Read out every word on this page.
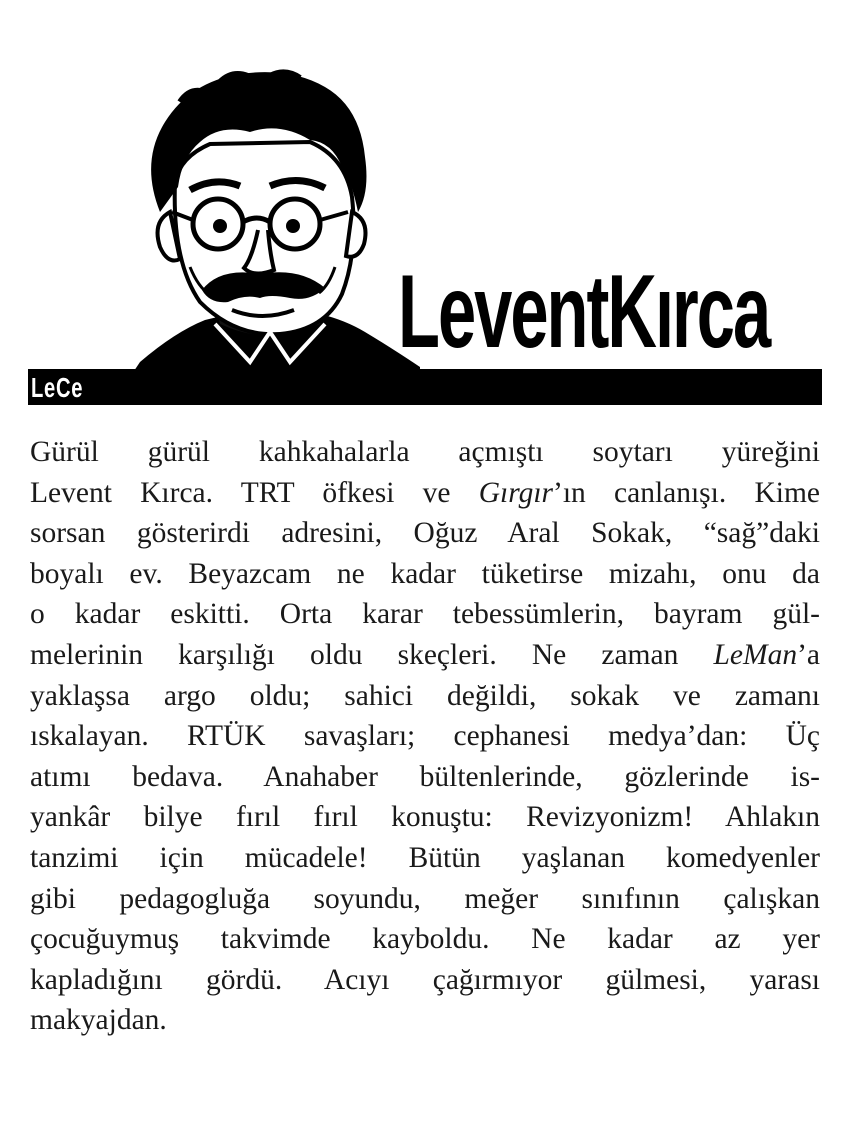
LeventKırca
LeCe
Gürül gürül kahkahalarla açmıştı soytarı yüreğini
Levent Kırca. TRT öfkesi ve Gırgır’ın canlanışı. Kime
sorsan gösterirdi adresini, Oğuz Aral Sokak, “sağ”daki
boyalı ev. Beyazcam ne kadar tüketirse mizahı, onu da
o kadar eskitti. Orta karar tebessümlerin, bayram gül-
melerinin karşılığı oldu skeçleri. Ne zaman LeMan’a
yaklaşsa argo oldu; sahici değildi, sokak ve zamanı
ıskalayan. RTÜK savaşları; cephanesi medya’dan: Üç
atımı bedava. Anahaber bültenlerinde, gözlerinde is-
yankâr bilye fırıl fırıl konuştu: Revizyonizm! Ahlakın
tanzimi için mücadele! Bütün yaşlanan komedyenler
gibi pedagogluğa soyundu, meğer sınıfının çalışkan
çocuğuymuş takvimde kayboldu. Ne kadar az yer
kapladığını gördü. Acıyı çağırmıyor gülmesi, yarası
makyajdan.
